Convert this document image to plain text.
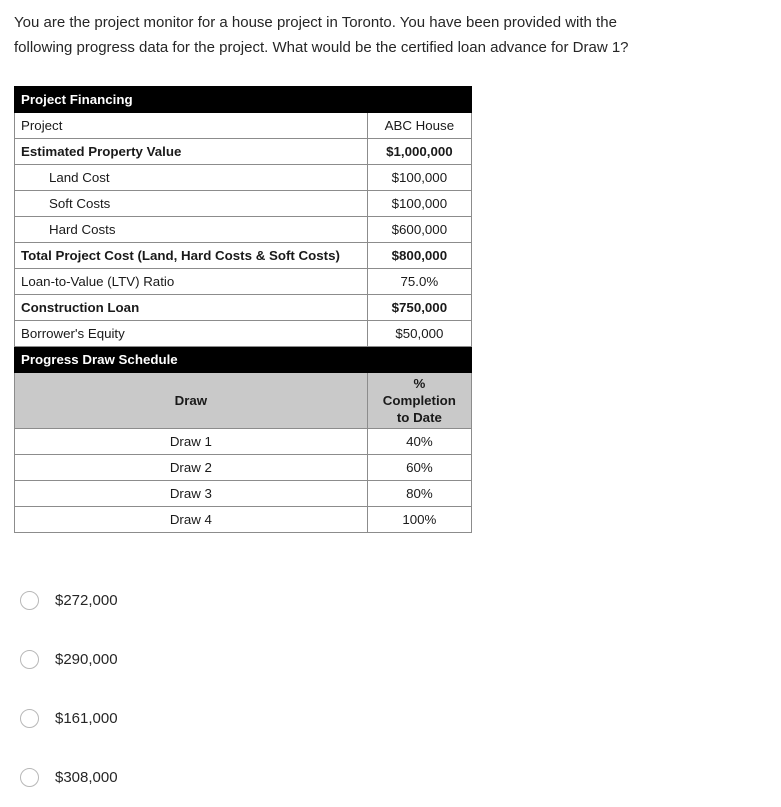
You are the project monitor for a house project in Toronto. You have been provided with the following progress data for the project. What would be the certified loan advance for Draw 1?

Project Financing	
Project	ABC House
Estimated Property Value	$1,000,000
Land Cost	$100,000
Soft Costs	$100,000
Hard Costs	$600,000
Total Project Cost (Land, Hard Costs & Soft Costs)	$800,000
Loan-to-Value (LTV) Ratio	75.0%
Construction Loan	$750,000
Borrower's Equity	$50,000
Progress Draw Schedule	
Draw	%
Completion
to Date

Draw 1	40%
Draw 2	60%
Draw 3	80%
Draw 4	100%
$272,000
$290,000
$161,000
$308,000
